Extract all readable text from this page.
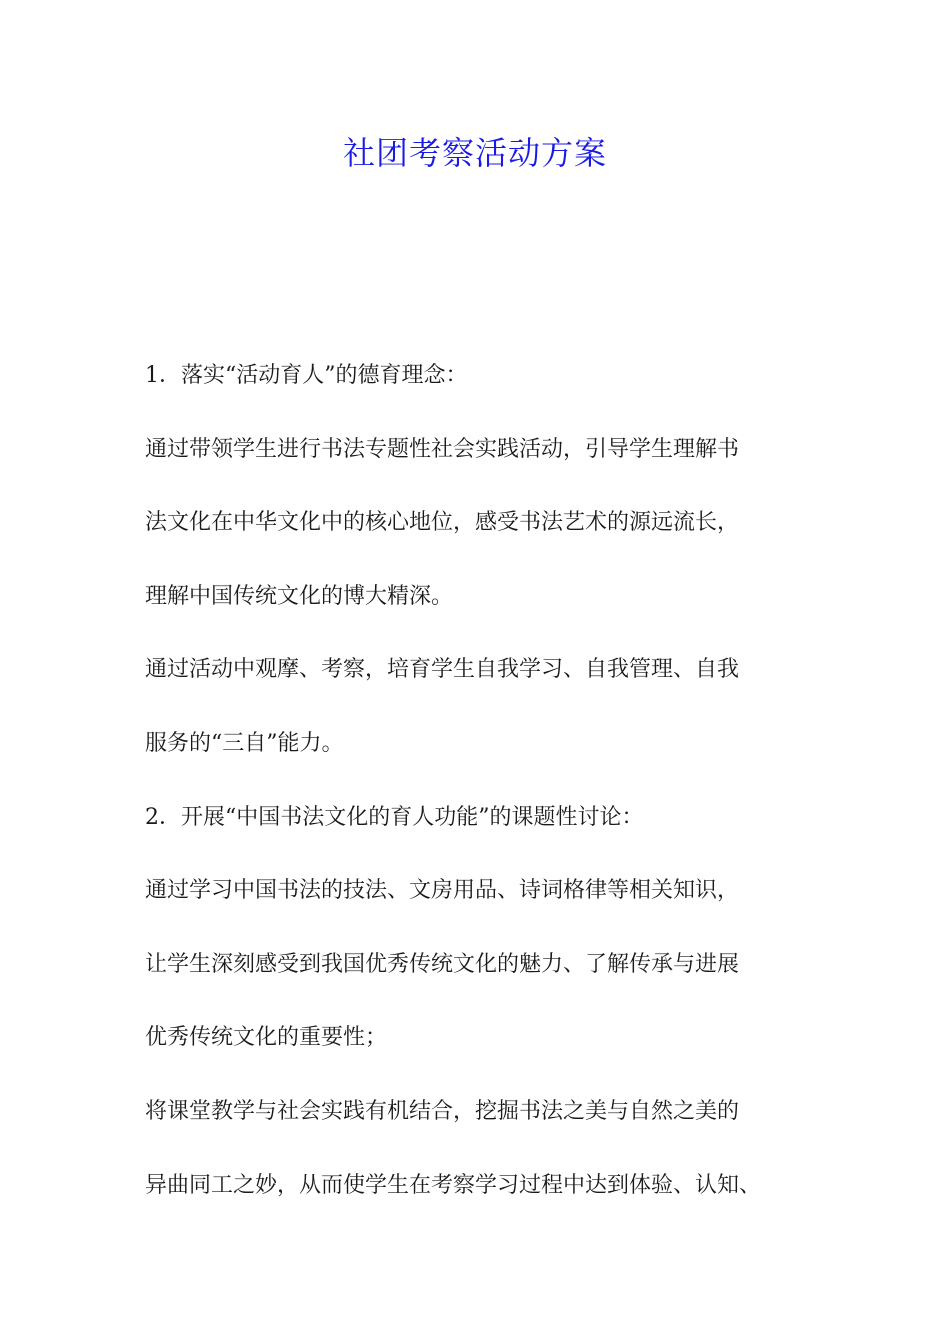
社团考察活动方案

1．落实“活动育人”的德育理念：

通过带领学生进行书法专题性社会实践活动，引导学生理解书

法文化在中华文化中的核心地位，感受书法艺术的源远流长，

理解中国传统文化的博大精深。

通过活动中观摩、考察，培育学生自我学习、自我管理、自我

服务的“三自”能力。

2．开展“中国书法文化的育人功能”的课题性讨论：

通过学习中国书法的技法、文房用品、诗词格律等相关知识，

让学生深刻感受到我国优秀传统文化的魅力、了解传承与进展

优秀传统文化的重要性；

将课堂教学与社会实践有机结合，挖掘书法之美与自然之美的

异曲同工之妙，从而使学生在考察学习过程中达到体验、认知、
